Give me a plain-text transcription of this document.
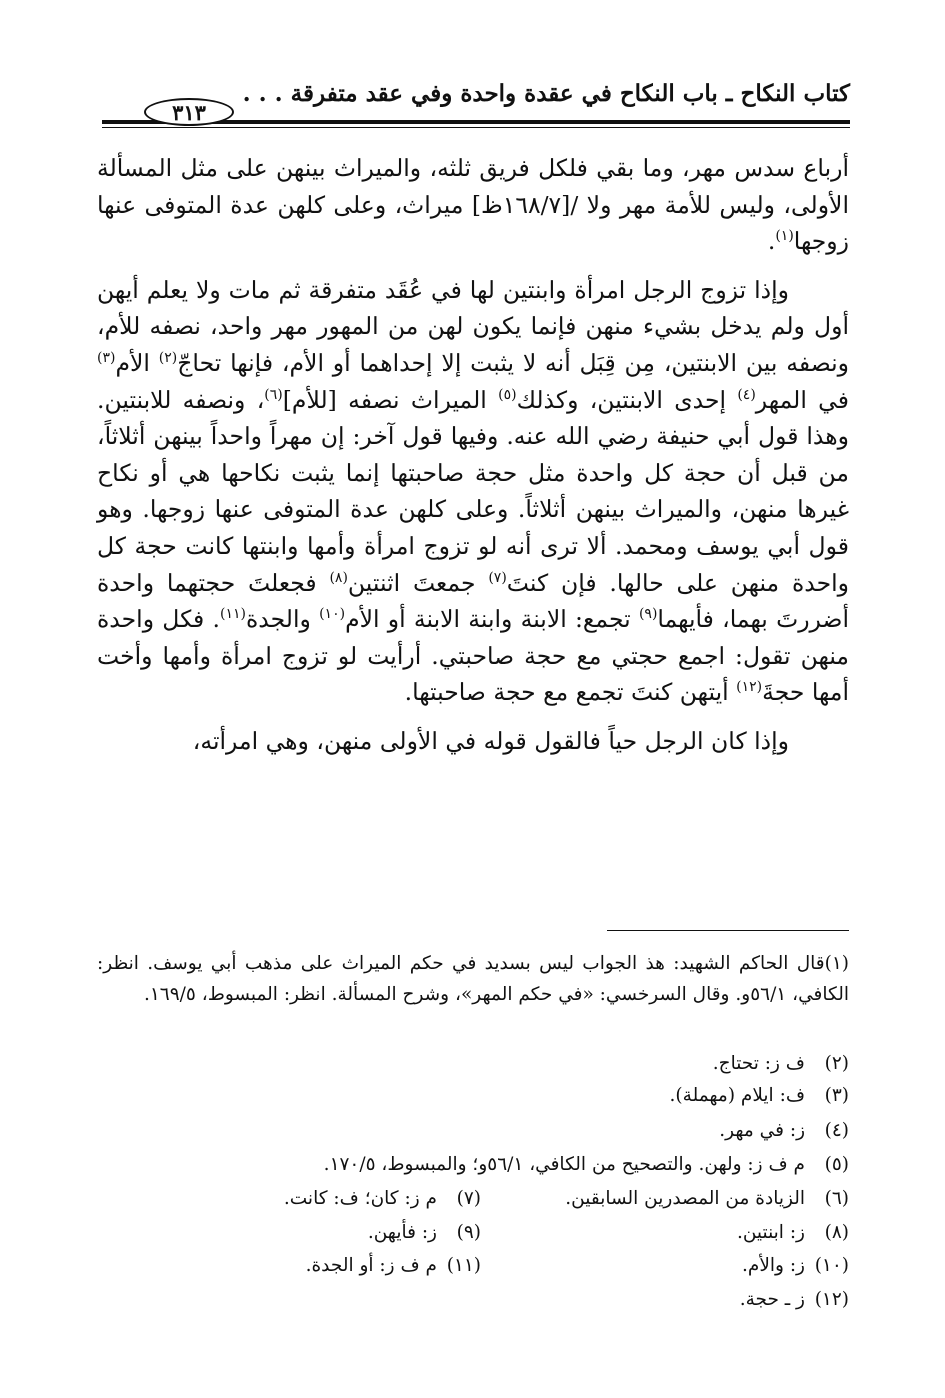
كتاب النكاح ـ باب النكاح في عقدة واحدة وفي عقد متفرقة . . .
٣١٣

أرباع سدس مهر، وما بقي فلكل فريق ثلثه، والميراث بينهن على مثل المسألة الأولى، وليس للأمة مهر ولا /[١٦٨/٧ظ] ميراث، وعلى كلهن عدة المتوفى عنها زوجها$^{(١)}$.

وإذا تزوج الرجل امرأة وابنتين لها في عُقَد متفرقة ثم مات ولا يعلم أيهن أول ولم يدخل بشيء منهن فإنما يكون لهن من المهور مهر واحد، نصفه للأم، ونصفه بين الابنتين، مِن قِبَل أنه لا يثبت إلا إحداهما أو الأم، فإنها تحاجّ$^{(٢)}$ الأم$^{(٣)}$ في المهر$^{(٤)}$ إحدى الابنتين، وكذلك$^{(٥)}$ الميراث نصفه [للأم]$^{(٦)}$، ونصفه للابنتين. وهذا قول أبي حنيفة رضي الله عنه. وفيها قول آخر: إن مهراً واحداً بينهن أثلاثاً، من قبل أن حجة كل واحدة مثل حجة صاحبتها إنما يثبت نكاحها هي أو نكاح غيرها منهن، والميراث بينهن أثلاثاً. وعلى كلهن عدة المتوفى عنها زوجها. وهو قول أبي يوسف ومحمد. ألا ترى أنه لو تزوج امرأة وأمها وابنتها كانت حجة كل واحدة منهن على حالها. فإن كنتَ$^{(٧)}$ جمعتَ اثنتين$^{(٨)}$ فجعلتَ حجتهما واحدة أضررتَ بهما، فأيهما$^{(٩)}$ تجمع: الابنة وابنة الابنة أو الأم$^{(١٠)}$ والجدة$^{(١١)}$. فكل واحدة منهن تقول: اجمع حجتي مع حجة صاحبتي. أرأيت لو تزوج امرأة وأمها وأخت أمها حجةَ$^{(١٢)}$ أيتهن كنتَ تجمع مع حجة صاحبتها.

وإذا كان الرجل حياً فالقول قوله في الأولى منهن، وهي امرأته،

(١)قال الحاكم الشهيد: هذ الجواب ليس بسديد في حكم الميراث على مذهب أبي يوسف. انظر: الكافي، ٥٦/١و. وقال السرخسي: «في حكم المهر»، وشرح المسألة. انظر: المبسوط، ١٦٩/٥.
(٢)ف ز: تحتاج.
(٣)ف: ايلام (مهملة).
(٤)ز: في مهر.
(٥)م ف ز: ولهن. والتصحيح من الكافي، ٥٦/١و؛ والمبسوط، ١٧٠/٥.
(٦)الزيادة من المصدرين السابقين.
(٧)م ز: كان؛ ف: كانت.
(٨)ز: ابنتين.
(٩)ز: فأيهن.
(١٠)ز: والأم.
(١١)م ف ز: أو الجدة.
(١٢)ز ـ حجة.
